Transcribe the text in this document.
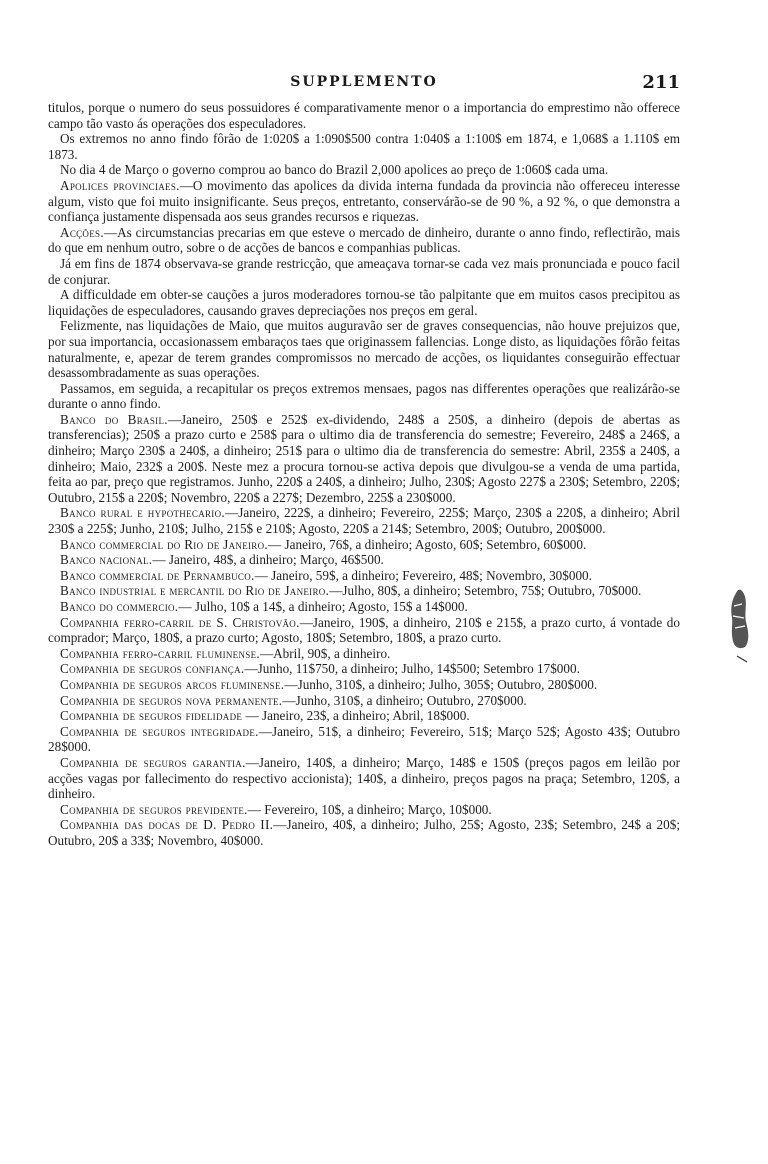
SUPPLEMENTO	211

titulos, porque o numero do seus possuidores é comparativamente menor o a importancia do emprestimo não offerece campo tão vasto ás operações dos especuladores.

Os extremos no anno findo fôrão de 1:020$ a 1:090$500 contra 1:040$ a 1:100$ em 1874, e 1,068$ a 1.110$ em 1873.

No dia 4 de Março o governo comprou ao banco do Brazil 2,000 apolices ao preço de 1:060$ cada uma.

Apolices provinciaes.—O movimento das apolices da divida interna fundada da provincia não offereceu interesse algum, visto que foi muito insignificante. Seus preços, entretanto, conservárão-se de 90 %, a 92 %, o que demonstra a confiança justamente dispensada aos seus grandes recursos e riquezas.

Acções.—As circumstancias precarias em que esteve o mercado de dinheiro, durante o anno findo, reflectirão, mais do que em nenhum outro, sobre o de acções de bancos e companhias publicas.

Já em fins de 1874 observava-se grande restricção, que ameaçava tornar-se cada vez mais pronunciada e pouco facil de conjurar.

A difficuldade em obter-se cauções a juros moderadores tornou-se tão palpitante que em muitos casos precipitou as liquidações de especuladores, causando graves depreciações nos preços em geral.

Felizmente, nas liquidações de Maio, que muitos auguravão ser de graves consequencias, não houve prejuizos que, por sua importancia, occasionassem embaraços taes que originassem fallencias. Longe disto, as liquidações fôrão feitas naturalmente, e, apezar de terem grandes compromissos no mercado de acções, os liquidantes conseguirão effectuar desassombradamente as suas operações.

Passamos, em seguida, a recapitular os preços extremos mensaes, pagos nas differentes operações que realizárão-se durante o anno findo.

Banco do Brasil.—Janeiro, 250$ e 252$ ex-dividendo, 248$ a 250$, a dinheiro (depois de abertas as transferencias); 250$ a prazo curto e 258$ para o ultimo dia de transferencia do semestre; Fevereiro, 248$ a 246$, a dinheiro; Março 230$ a 240$, a dinheiro; 251$ para o ultimo dia de transferencia do semestre: Abril, 235$ a 240$, a dinheiro; Maio, 232$ a 200$. Neste mez a procura tornou-se activa depois que divulgou-se a venda de uma partida, feita ao par, preço que registramos. Junho, 220$ a 240$, a dinheiro; Julho, 230$; Agosto 227$ a 230$; Setembro, 220$; Outubro, 215$ a 220$; Novembro, 220$ a 227$; Dezembro, 225$ a 230$000.

Banco rural e hypothecario.—Janeiro, 222$, a dinheiro; Fevereiro, 225$; Março, 230$ a 220$, a dinheiro; Abril 230$ a 225$; Junho, 210$; Julho, 215$ e 210$; Agosto, 220$ a 214$; Setembro, 200$; Outubro, 200$000.

Banco commercial do Rio de Janeiro.— Janeiro, 76$, a dinheiro; Agosto, 60$; Setembro, 60$000.

Banco nacional.— Janeiro, 48$, a dinheiro; Março, 46$500.

Banco commercial de Pernambuco.— Janeiro, 59$, a dinheiro; Fevereiro, 48$; Novembro, 30$000.

Banco industrial e mercantil do Rio de Janeiro.—Julho, 80$, a dinheiro; Setembro, 75$; Outubro, 70$000.

Banco do commercio.— Julho, 10$ a 14$, a dinheiro; Agosto, 15$ a 14$000.

Companhia ferro-carril de S. Christovão.—Janeiro, 190$, a dinheiro, 210$ e 215$, a prazo curto, á vontade do comprador; Março, 180$, a prazo curto; Agosto, 180$; Setembro, 180$, a prazo curto.

Companhia ferro-carril fluminense.—Abril, 90$, a dinheiro.

Companhia de seguros confiança.—Junho, 11$750, a dinheiro; Julho, 14$500; Setembro 17$000.

Companhia de seguros arcos fluminense.—Junho, 310$, a dinheiro; Julho, 305$; Outubro, 280$000.

Companhia de seguros nova permanente.—Junho, 310$, a dinheiro; Outubro, 270$000.

Companhia de seguros fidelidade — Janeiro, 23$, a dinheiro; Abril, 18$000.

Companhia de seguros integridade.—Janeiro, 51$, a dinheiro; Fevereiro, 51$; Março 52$; Agosto 43$; Outubro 28$000.

Companhia de seguros garantia.—Janeiro, 140$, a dinheiro; Março, 148$ e 150$ (preços pagos em leilão por acções vagas por fallecimento do respectivo accionista); 140$, a dinheiro, preços pagos na praça; Setembro, 120$, a dinheiro.

Companhia de seguros previdente.— Fevereiro, 10$, a dinheiro; Março, 10$000.

Companhia das docas de D. Pedro II.—Janeiro, 40$, a dinheiro; Julho, 25$; Agosto, 23$; Setembro, 24$ a 20$; Outubro, 20$ a 33$; Novembro, 40$000.
